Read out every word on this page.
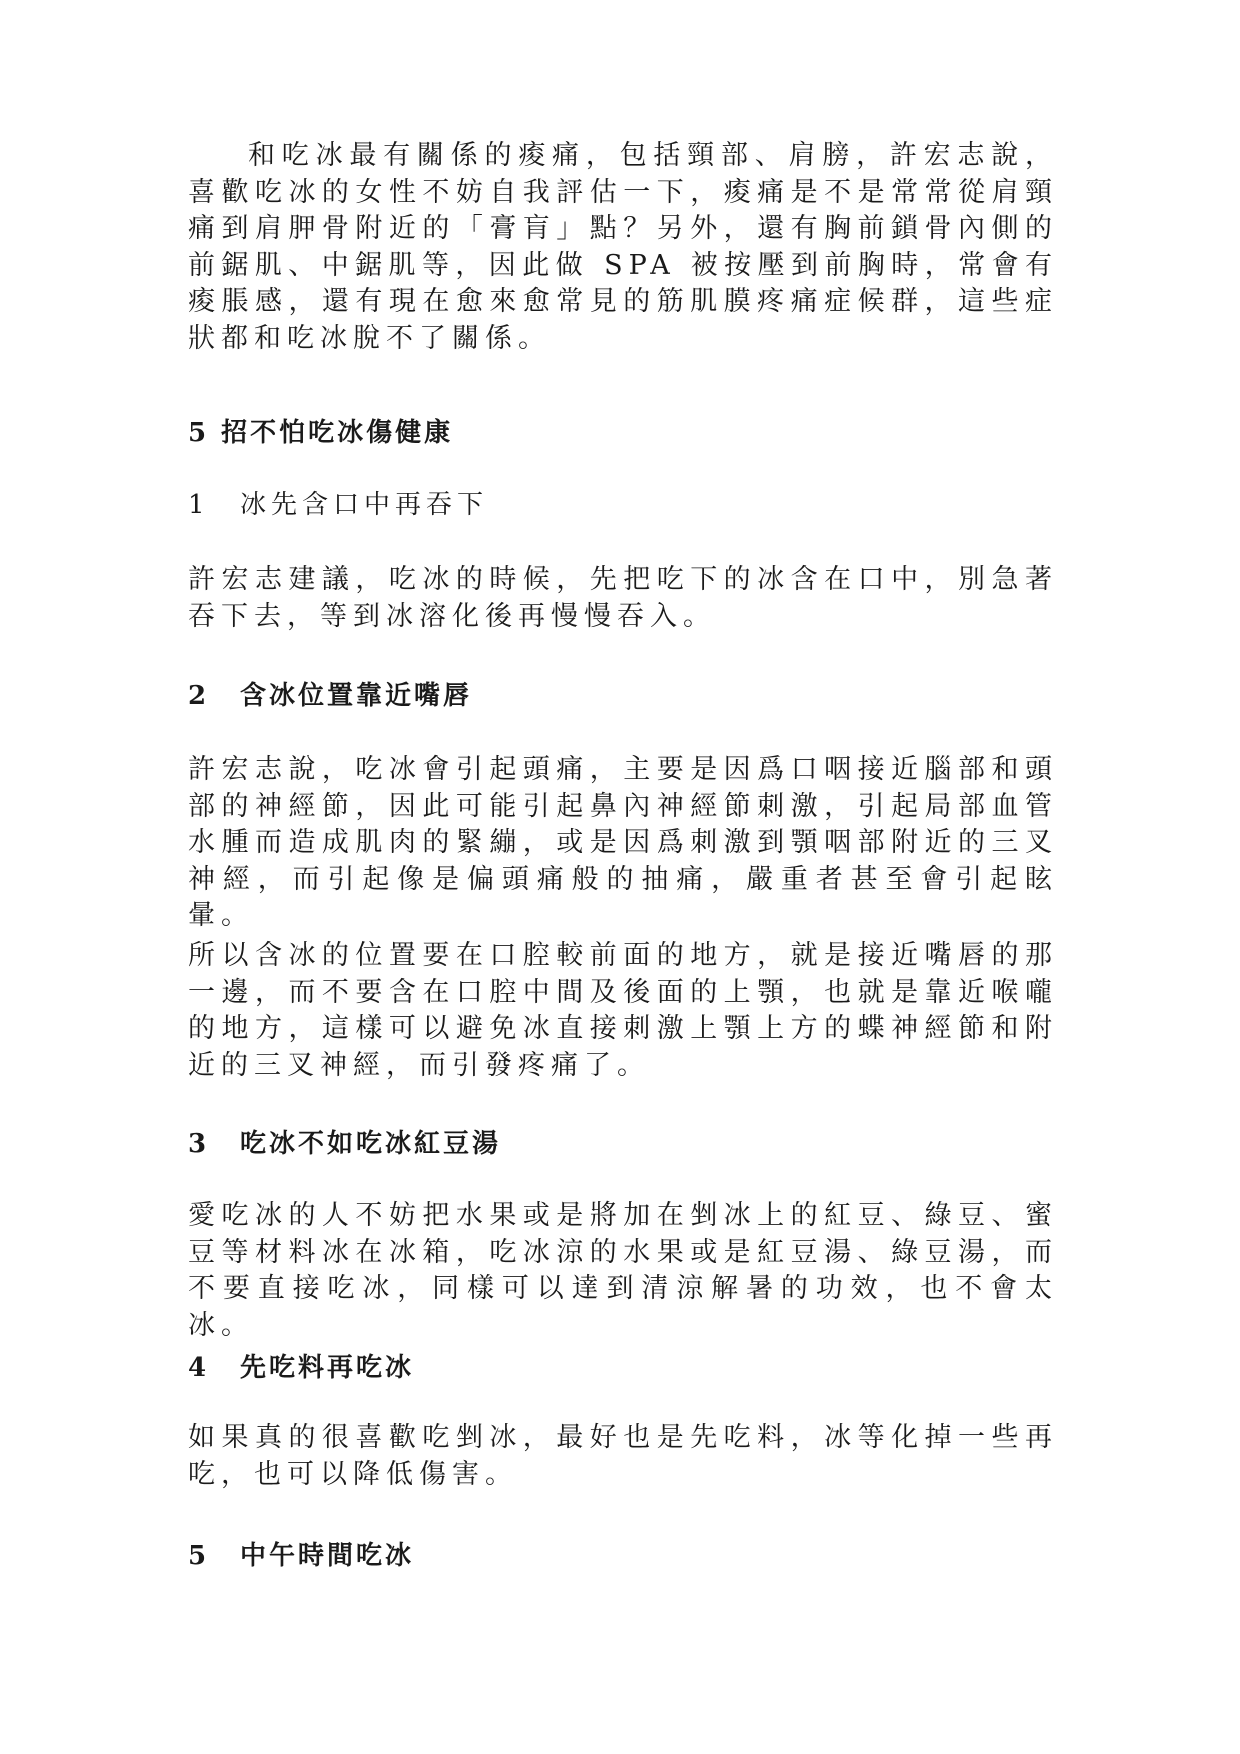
和吃冰最有關係的痠痛，包括頸部、肩膀，許宏志說，喜歡吃冰的女性不妨自我評估一下，痠痛是不是常常從肩頸痛到肩胛骨附近的「膏肓」點？另外，還有胸前鎖骨內側的前鋸肌、中鋸肌等，因此做 SPA 被按壓到前胸時，常會有痠脹感，還有現在愈來愈常見的筋肌膜疼痛症候群，這些症狀都和吃冰脫不了關係。

5 招不怕吃冰傷健康
1 冰先含口中再吞下

許宏志建議，吃冰的時候，先把吃下的冰含在口中，別急著吞下去，等到冰溶化後再慢慢吞入。

2 含冰位置靠近嘴唇

許宏志說，吃冰會引起頭痛，主要是因爲口咽接近腦部和頭部的神經節，因此可能引起鼻內神經節刺激，引起局部血管水腫而造成肌肉的緊繃，或是因爲刺激到顎咽部附近的三叉神經，而引起像是偏頭痛般的抽痛，嚴重者甚至會引起眩暈。

所以含冰的位置要在口腔較前面的地方，就是接近嘴唇的那一邊，而不要含在口腔中間及後面的上顎，也就是靠近喉嚨的地方，這樣可以避免冰直接刺激上顎上方的蝶神經節和附近的三叉神經，而引發疼痛了。

3 吃冰不如吃冰紅豆湯

愛吃冰的人不妨把水果或是將加在剉冰上的紅豆、綠豆、蜜豆等材料冰在冰箱，吃冰涼的水果或是紅豆湯、綠豆湯，而不要直接吃冰，同樣可以達到清涼解暑的功效，也不會太冰。

4 先吃料再吃冰

如果真的很喜歡吃剉冰，最好也是先吃料，冰等化掉一些再吃，也可以降低傷害。

5 中午時間吃冰
